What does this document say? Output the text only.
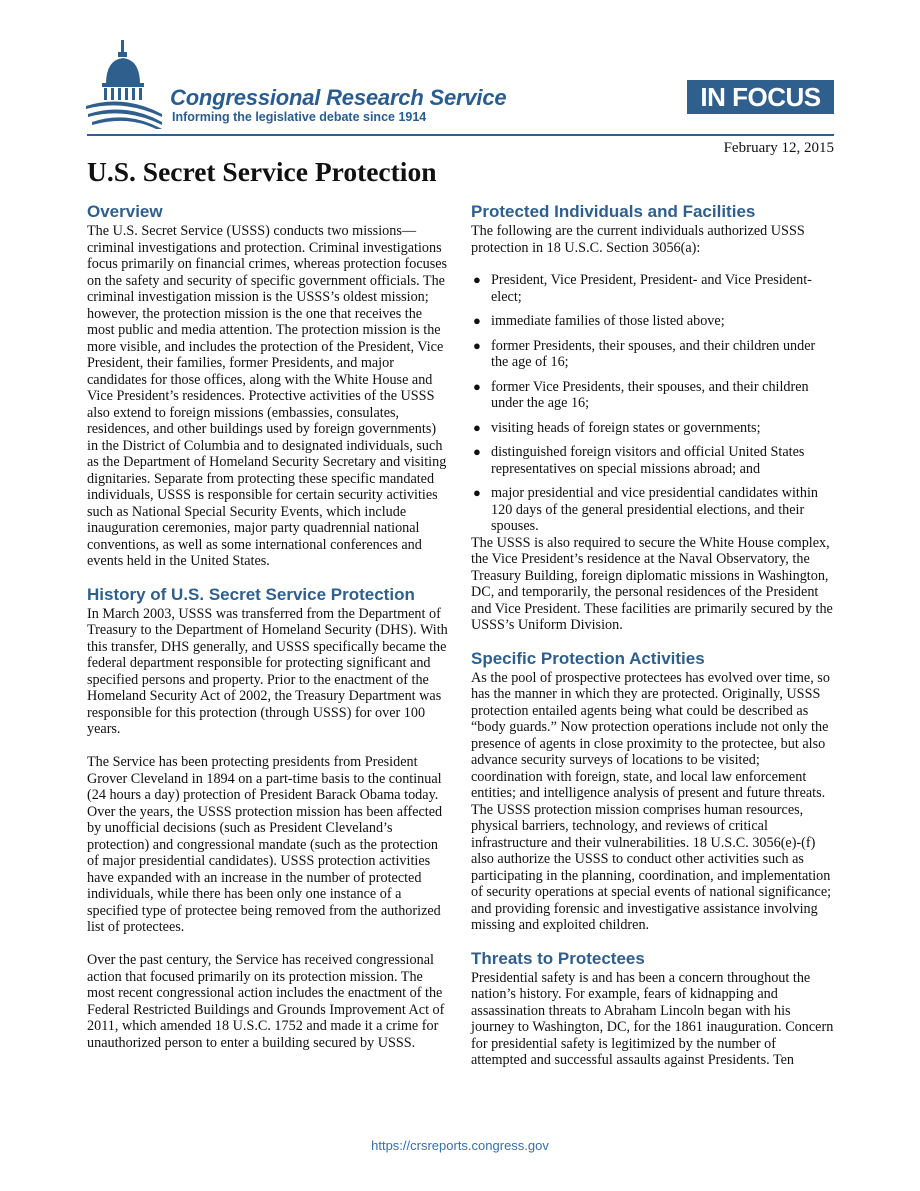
Congressional Research Service
Informing the legislative debate since 1914
IN FOCUS
February 12, 2015
U.S. Secret Service Protection
Overview

The U.S. Secret Service (USSS) conducts two missions—criminal investigations and protection. Criminal investigations focus primarily on financial crimes, whereas protection focuses on the safety and security of specific government officials. The criminal investigation mission is the USSS’s oldest mission; however, the protection mission is the one that receives the most public and media attention. The protection mission is the more visible, and includes the protection of the President, Vice President, their families, former Presidents, and major candidates for those offices, along with the White House and Vice President’s residences. Protective activities of the USSS also extend to foreign missions (embassies, consulates, residences, and other buildings used by foreign governments) in the District of Columbia and to designated individuals, such as the Department of Homeland Security Secretary and visiting dignitaries. Separate from protecting these specific mandated individuals, USSS is responsible for certain security activities such as National Special Security Events, which include inauguration ceremonies, major party quadrennial national conventions, as well as some international conferences and events held in the United States.

History of U.S. Secret Service Protection

In March 2003, USSS was transferred from the Department of Treasury to the Department of Homeland Security (DHS). With this transfer, DHS generally, and USSS specifically became the federal department responsible for protecting significant and specified persons and property. Prior to the enactment of the Homeland Security Act of 2002, the Treasury Department was responsible for this protection (through USSS) for over 100 years.

The Service has been protecting presidents from President Grover Cleveland in 1894 on a part-time basis to the continual (24 hours a day) protection of President Barack Obama today. Over the years, the USSS protection mission has been affected by unofficial decisions (such as President Cleveland’s protection) and congressional mandate (such as the protection of major presidential candidates). USSS protection activities have expanded with an increase in the number of protected individuals, while there has been only one instance of a specified type of protectee being removed from the authorized list of protectees.

Over the past century, the Service has received congressional action that focused primarily on its protection mission. The most recent congressional action includes the enactment of the Federal Restricted Buildings and Grounds Improvement Act of 2011, which amended 18 U.S.C. 1752 and made it a crime for unauthorized person to enter a building secured by USSS.

Protected Individuals and Facilities

The following are the current individuals authorized USSS protection in 18 U.S.C. Section 3056(a):

● President, Vice President, President- and Vice President- elect;
● immediate families of those listed above;
● former Presidents, their spouses, and their children under the age of 16;
● former Vice Presidents, their spouses, and their children under the age 16;
● visiting heads of foreign states or governments;
● distinguished foreign visitors and official United States representatives on special missions abroad; and
● major presidential and vice presidential candidates within 120 days of the general presidential elections, and their spouses.

The USSS is also required to secure the White House complex, the Vice President’s residence at the Naval Observatory, the Treasury Building, foreign diplomatic missions in Washington, DC, and temporarily, the personal residences of the President and Vice President. These facilities are primarily secured by the USSS’s Uniform Division.

Specific Protection Activities

As the pool of prospective protectees has evolved over time, so has the manner in which they are protected. Originally, USSS protection entailed agents being what could be described as “body guards.” Now protection operations include not only the presence of agents in close proximity to the protectee, but also advance security surveys of locations to be visited; coordination with foreign, state, and local law enforcement entities; and intelligence analysis of present and future threats. The USSS protection mission comprises human resources, physical barriers, technology, and reviews of critical infrastructure and their vulnerabilities. 18 U.S.C. 3056(e)-(f) also authorize the USSS to conduct other activities such as participating in the planning, coordination, and implementation of security operations at special events of national significance; and providing forensic and investigative assistance involving missing and exploited children.

Threats to Protectees

Presidential safety is and has been a concern throughout the nation’s history. For example, fears of kidnapping and assassination threats to Abraham Lincoln began with his journey to Washington, DC, for the 1861 inauguration. Concern for presidential safety is legitimized by the number of attempted and successful assaults against Presidents. Ten

https://crsreports.congress.gov
